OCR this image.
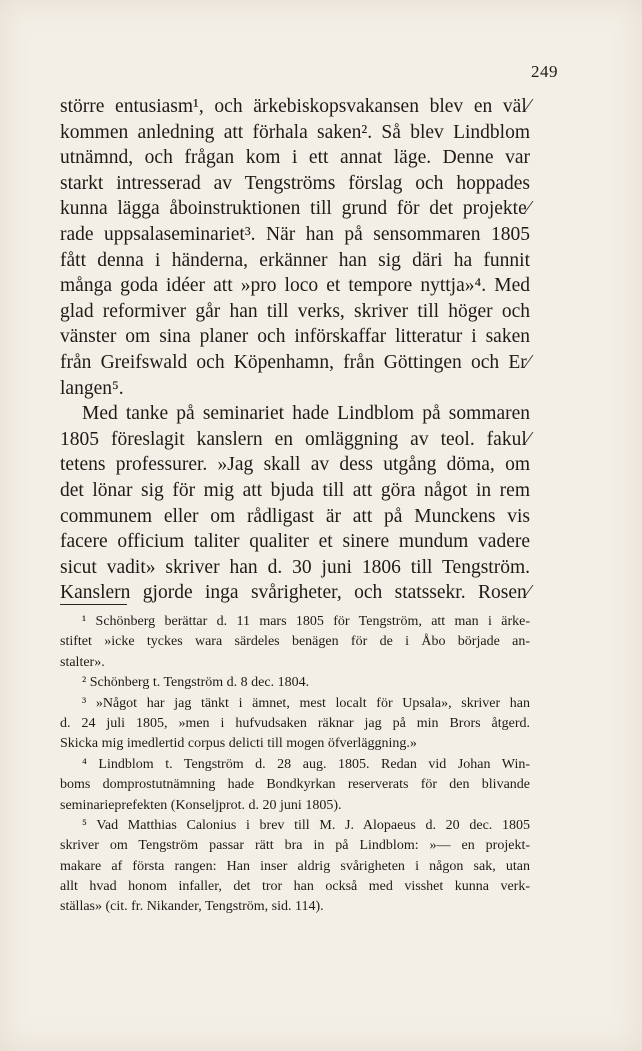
249
större entusiasm¹, och ärkebiskopsvakansen blev en väl⁄
kommen anledning att förhala saken². Så blev Lindblom
utnämnd, och frågan kom i ett annat läge. Denne var
starkt intresserad av Tengströms förslag och hoppades
kunna lägga åboinstruktionen till grund för det projekte⁄
rade uppsalaseminariet³. När han på sensommaren 1805
fått denna i händerna, erkänner han sig däri ha funnit
många goda idéer att »pro loco et tempore nyttja»⁴. Med
glad reformiver går han till verks, skriver till höger och
vänster om sina planer och införskaffar litteratur i saken
från Greifswald och Köpenhamn, från Göttingen och Er⁄
langen⁵.
Med tanke på seminariet hade Lindblom på sommaren
1805 föreslagit kanslern en omläggning av teol. fakul⁄
tetens professurer. »Jag skall av dess utgång döma, om
det lönar sig för mig att bjuda till att göra något in rem
communem eller om rådligast är att på Munckens vis
facere officium taliter qualiter et sinere mundum vadere
sicut vadit» skriver han d. 30 juni 1806 till Tengström.
Kanslern gjorde inga svårigheter, och statssekr. Rosen⁄
¹ Schönberg berättar d. 11 mars 1805 för Tengström, att man i ärke-
stiftet »icke tyckes wara särdeles benägen för de i Åbo började an-
stalter».
² Schönberg t. Tengström d. 8 dec. 1804.
³ »Något har jag tänkt i ämnet, mest localt för Upsala», skriver han
d. 24 juli 1805, »men i hufvudsaken räknar jag på min Brors åtgerd.
Skicka mig imedlertid corpus delicti till mogen öfverläggning.»
⁴ Lindblom t. Tengström d. 28 aug. 1805. Redan vid Johan Win-
boms domprostutnämning hade Bondkyrkan reserverats för den blivande
seminarieprefekten (Konseljprot. d. 20 juni 1805).
⁵ Vad Matthias Calonius i brev till M. J. Alopaeus d. 20 dec. 1805
skriver om Tengström passar rätt bra in på Lindblom: »— en projekt-
makare af första rangen: Han inser aldrig svårigheten i någon sak, utan
allt hvad honom infaller, det tror han också med visshet kunna verk-
ställas» (cit. fr. Nikander, Tengström, sid. 114).
